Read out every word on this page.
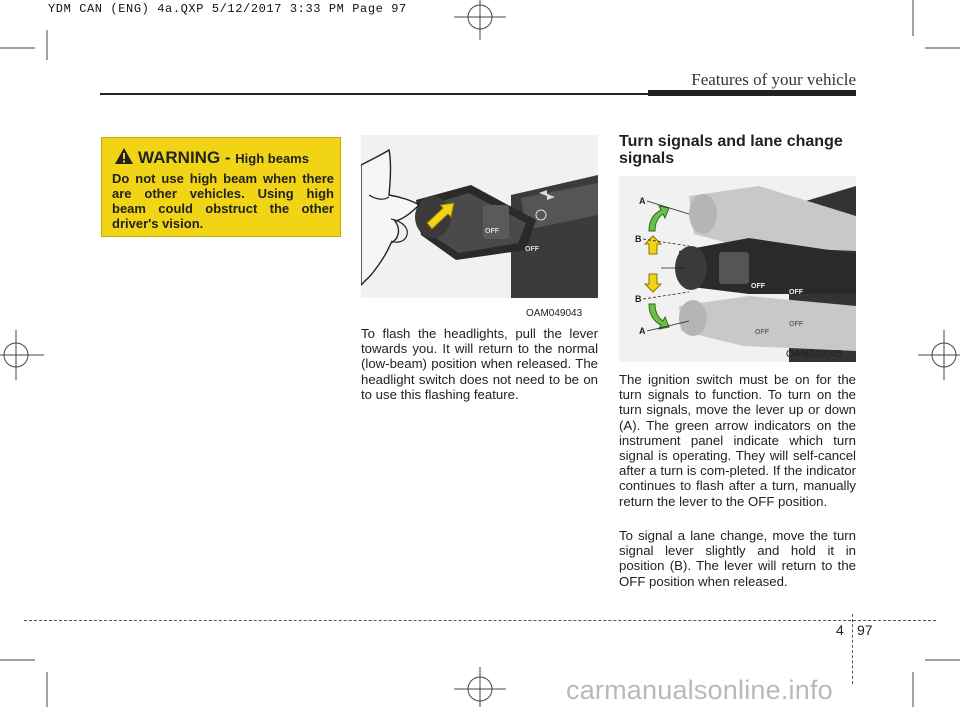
YDM CAN (ENG) 4a.QXP 5/12/2017 3:33 PM Page 97
Features of your vehicle
WARNING - High beams
Do not use high beam when there are other vehicles. Using high beam could obstruct the other driver's vision.
OFF
OFF
OAM049043
To flash the headlights, pull the lever towards you. It will return to the normal (low-beam) position when released. The headlight switch does not need to be on to use this flashing feature.
Turn signals and lane change signals
OFF
OFF
OFF
OFF
A
B
B
A
OAM049045
The ignition switch must be on for the turn signals to function. To turn on the turn signals, move the lever up or down (A). The green arrow indicators on the instrument panel indicate which turn signal is operating. They will self-cancel after a turn is com-pleted. If the indicator continues to flash after a turn, manually return the lever to the OFF position.
To signal a lane change, move the turn signal lever slightly and hold it in position (B). The lever will return to the OFF position when released.
4 97
carmanualsonline.info
